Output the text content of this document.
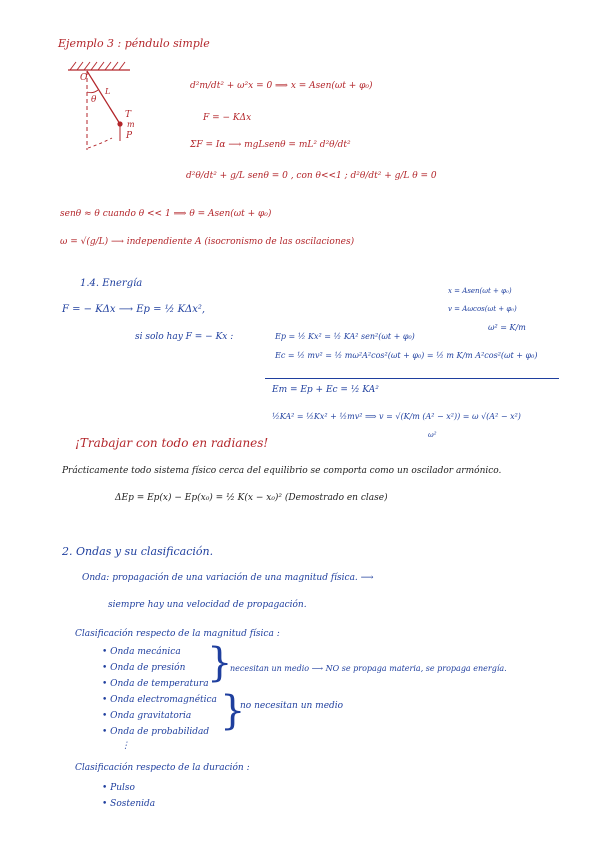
Ejemplo 3 : péndulo simple
O
L
θ
T
m
P
d²m/dt² + ω²x = 0 ⟹ x = Asen(ωt + φ₀)
F = − KΔx
ΣF = Iα ⟶ mgLsenθ = mL² d²θ/dt²
d²θ/dt² + g/L senθ = 0 , con θ<<1 ; d²θ/dt² + g/L θ = 0
senθ ≈ θ cuando θ << 1 ⟹ θ = Asen(ωt + φ₀)
ω = √(g/L) ⟶ independiente A (isocronismo de las oscilaciones)
1.4. Energía
x = Asen(ωt + φ₀)
v = Aωcos(ωt + φ₀)
F = − KΔx ⟶ Ep = ½ KΔx²,
ω² = K/m
si solo hay F = − Kx :	Ep = ½ Kx² = ½ KA² sen²(ωt + φ₀)
Ec = ½ mv² = ½ mω²A²cos²(ωt + φ₀) = ½ m K/m A²cos²(ωt + φ₀)
Em = Ep + Ec = ½ KA²
½KA² = ½Kx² + ½mv² ⟹ v = √(K/m (A² − x²)) = ω √(A² − x²)
ω²
¡Trabajar con todo en radianes!
Prácticamente todo sistema físico cerca del equilibrio se comporta como un oscilador armónico.
ΔEp = Ep(x) − Ep(x₀) = ½ K(x − x₀)² (Demostrado en clase)
2. Ondas y su clasificación.
Onda: propagación de una variación de una magnitud física. ⟶
siempre hay una velocidad de propagación.
Clasificación respecto de la magnitud física :
• Onda mecánica
• Onda de presión
• Onda de temperatura
}
necesitan un medio ⟶ NO se propaga materia, se propaga energía.
• Onda electromagnética
• Onda gravitatoria
• Onda de probabilidad }
no necesitan un medio
⋮
Clasificación respecto de la duración :
• Pulso
• Sostenida
